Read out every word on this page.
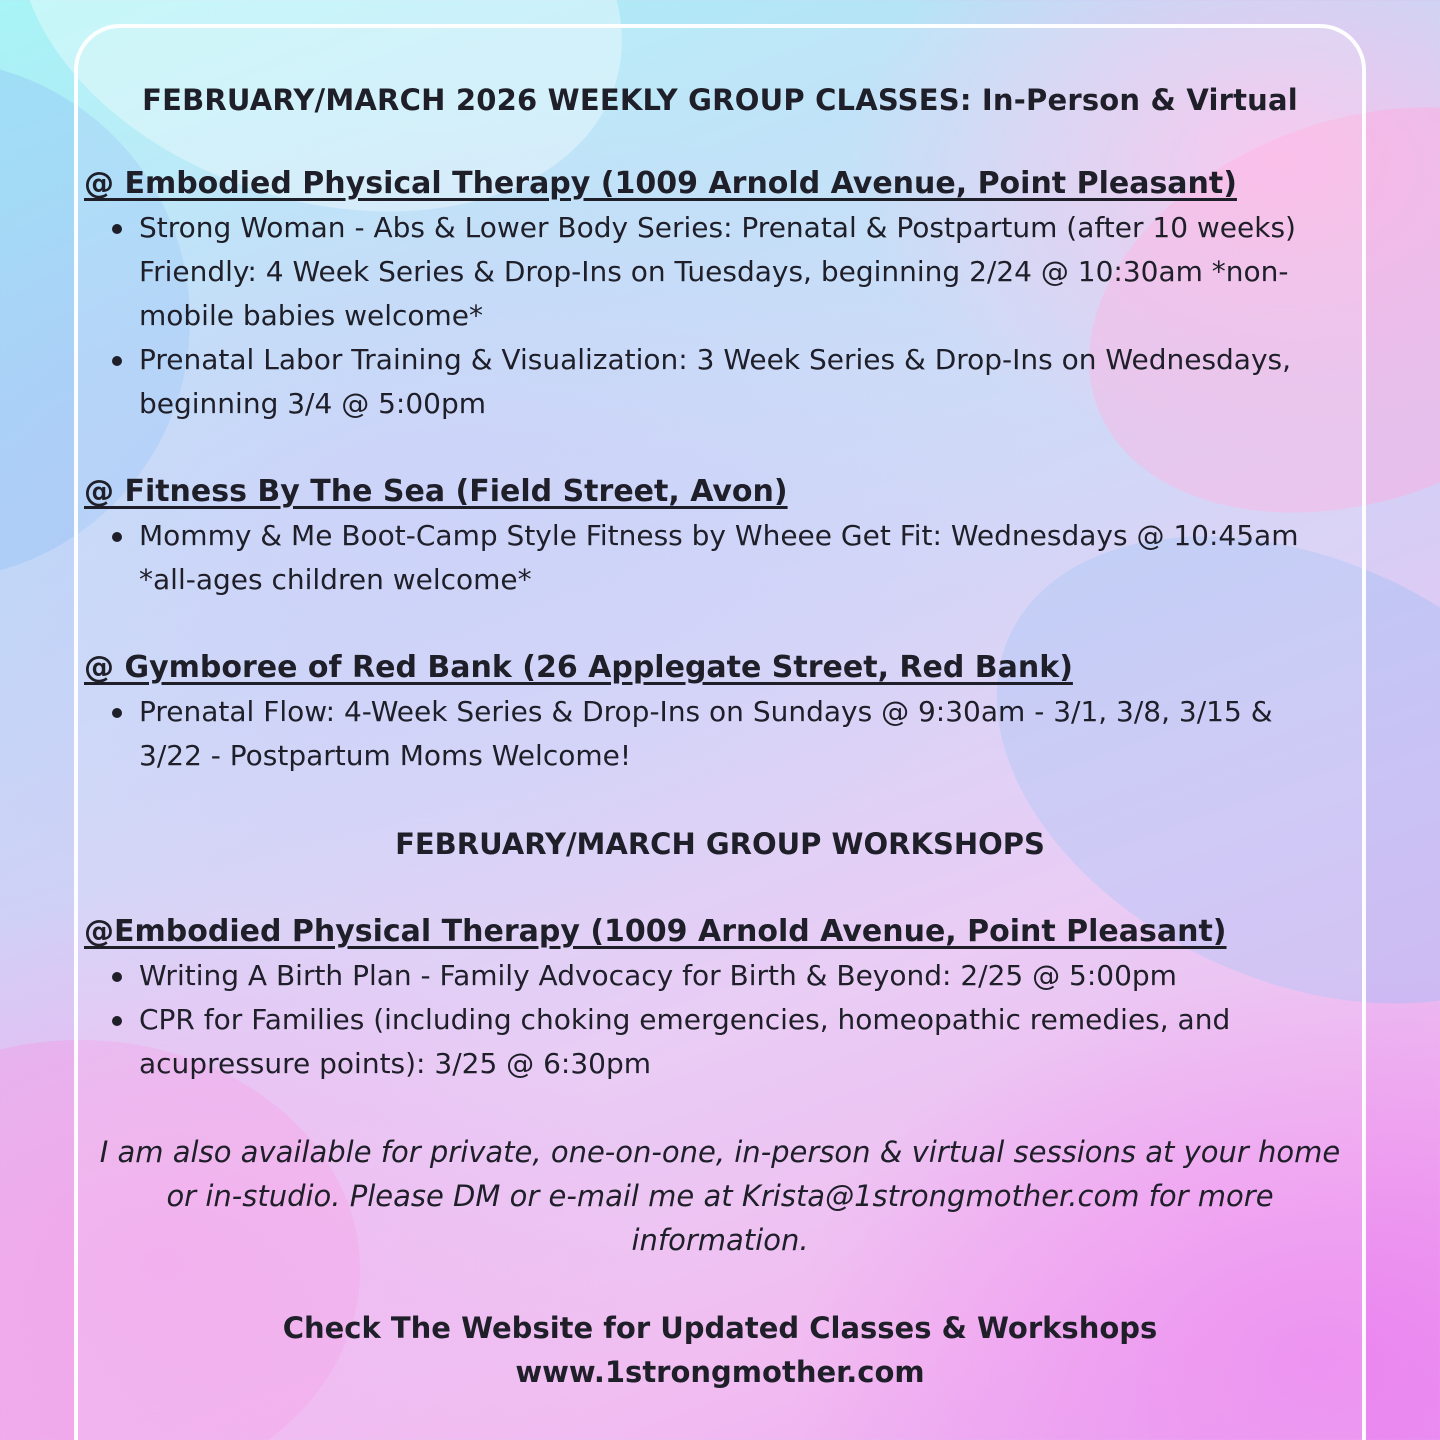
FEBRUARY/MARCH 2026 WEEKLY GROUP CLASSES: In-Person & Virtual
@ Embodied Physical Therapy (1009 Arnold Avenue, Point Pleasant)
Strong Woman - Abs & Lower Body Series: Prenatal & Postpartum (after 10 weeks) Friendly: 4 Week Series & Drop-Ins on Tuesdays, beginning 2/24 @ 10:30am *non-mobile babies welcome*
Prenatal Labor Training & Visualization: 3 Week Series & Drop-Ins on Wednesdays, beginning 3/4 @ 5:00pm
@ Fitness By The Sea (Field Street, Avon)
Mommy & Me Boot-Camp Style Fitness by Wheee Get Fit: Wednesdays @ 10:45am *all-ages children welcome*
@ Gymboree of Red Bank (26 Applegate Street, Red Bank)
Prenatal Flow: 4-Week Series & Drop-Ins on Sundays @ 9:30am - 3/1, 3/8, 3/15 & 3/22 - Postpartum Moms Welcome!
FEBRUARY/MARCH GROUP WORKSHOPS
@Embodied Physical Therapy (1009 Arnold Avenue, Point Pleasant)
Writing A Birth Plan - Family Advocacy for Birth & Beyond: 2/25 @ 5:00pm
CPR for Families (including choking emergencies, homeopathic remedies, and acupressure points): 3/25 @ 6:30pm

I am also available for private, one-on-one, in-person & virtual sessions at your home or in-studio. Please DM or e-mail me at Krista@1strongmother.com for more information.

Check The Website for Updated Classes & Workshops
www.1strongmother.com
